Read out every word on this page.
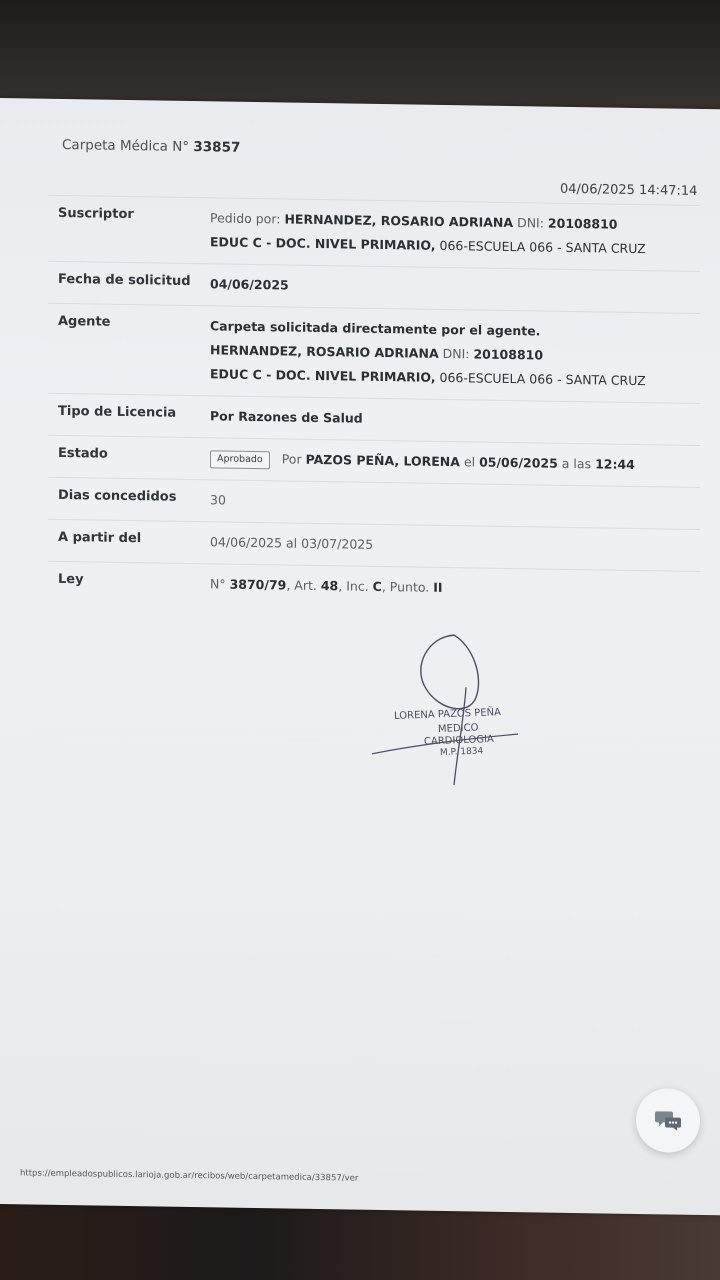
Carpeta Médica N° 33857
04/06/2025 14:47:14
Suscriptor	Pedido por: HERNANDEZ, ROSARIO ADRIANA DNI: 20108810
EDUC C - DOC. NIVEL PRIMARIO, 066-ESCUELA 066 - SANTA CRUZ
Fecha de solicitud 04/06/2025
Agente	Carpeta solicitada directamente por el agente.
HERNANDEZ, ROSARIO ADRIANA DNI: 20108810
EDUC C - DOC. NIVEL PRIMARIO, 066-ESCUELA 066 - SANTA CRUZ
Tipo de Licencia	Por Razones de Salud
Estado	Aprobado Por PAZOS PEÑA, LORENA el 05/06/2025 a las 12:44
Dias concedidos	30
A partir del	04/06/2025 al 03/07/2025
Ley	N° 3870/79, Art. 48, Inc. C, Punto. II
LORENA PAZOS PEÑA
MEDICO
CARDIOLOGIA
M.P. 1834
https://empleadospublicos.larioja.gob.ar/recibos/web/carpetamedica/33857/ver
